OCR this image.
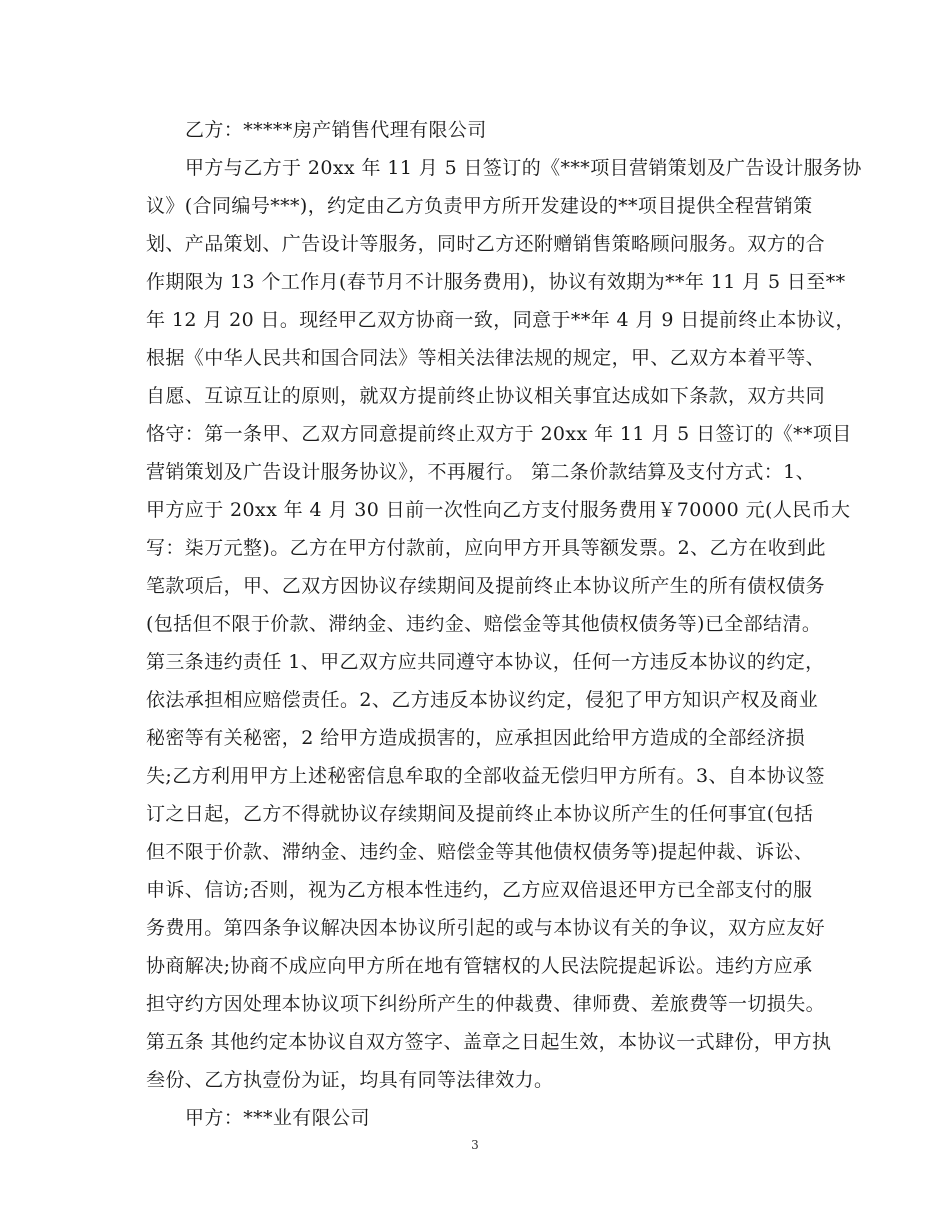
乙方：*****房产销售代理有限公司
甲方与乙方于 20xx 年 11 月 5 日签订的《***项目营销策划及广告设计服务协
议》(合同编号***)，约定由乙方负责甲方所开发建设的**项目提供全程营销策
划、产品策划、广告设计等服务，同时乙方还附赠销售策略顾问服务。双方的合
作期限为 13 个工作月(春节月不计服务费用)，协议有效期为**年 11 月 5 日至**
年 12 月 20 日。现经甲乙双方协商一致，同意于**年 4 月 9 日提前终止本协议，
根据《中华人民共和国合同法》等相关法律法规的规定，甲、乙双方本着平等、
自愿、互谅互让的原则，就双方提前终止协议相关事宜达成如下条款，双方共同
恪守：第一条甲、乙双方同意提前终止双方于 20xx 年 11 月 5 日签订的《**项目
营销策划及广告设计服务协议》，不再履行。 第二条价款结算及支付方式：1、
甲方应于 20xx 年 4 月 30 日前一次性向乙方支付服务费用￥70000 元(人民币大
写：柒万元整)。乙方在甲方付款前，应向甲方开具等额发票。2、乙方在收到此
笔款项后，甲、乙双方因协议存续期间及提前终止本协议所产生的所有债权债务
(包括但不限于价款、滞纳金、违约金、赔偿金等其他债权债务等)已全部结清。
第三条违约责任 1、甲乙双方应共同遵守本协议，任何一方违反本协议的约定，
依法承担相应赔偿责任。2、乙方违反本协议约定，侵犯了甲方知识产权及商业
秘密等有关秘密，2 给甲方造成损害的，应承担因此给甲方造成的全部经济损
失;乙方利用甲方上述秘密信息牟取的全部收益无偿归甲方所有。3、自本协议签
订之日起，乙方不得就协议存续期间及提前终止本协议所产生的任何事宜(包括
但不限于价款、滞纳金、违约金、赔偿金等其他债权债务等)提起仲裁、诉讼、
申诉、信访;否则，视为乙方根本性违约，乙方应双倍退还甲方已全部支付的服
务费用。第四条争议解决因本协议所引起的或与本协议有关的争议，双方应友好
协商解决;协商不成应向甲方所在地有管辖权的人民法院提起诉讼。违约方应承
担守约方因处理本协议项下纠纷所产生的仲裁费、律师费、差旅费等一切损失。
第五条 其他约定本协议自双方签字、盖章之日起生效，本协议一式肆份，甲方执
叁份、乙方执壹份为证，均具有同等法律效力。
甲方：***业有限公司
3
